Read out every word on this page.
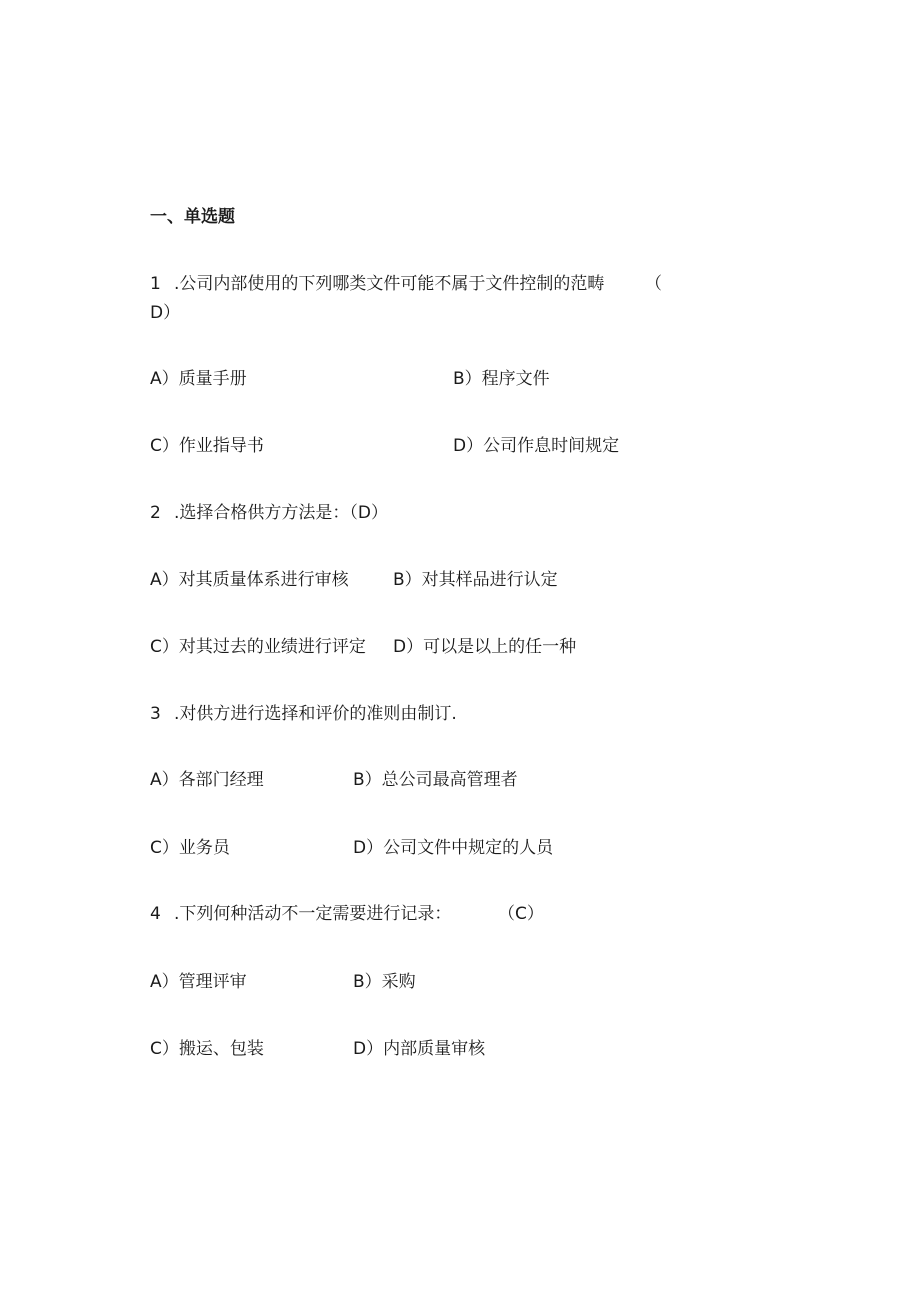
一、单选题
1 .公司内部使用的下列哪类文件可能不属于文件控制的范畴 （
D）
A）质量手册	B）程序文件
C）作业指导书	D）公司作息时间规定
2 .选择合格供方方法是：（D）
A）对其质量体系进行审核	B）对其样品进行认定
C）对其过去的业绩进行评定 D）可以是以上的任一种
3 .对供方进行选择和评价的准则由制订.
A）各部门经理	B）总公司最高管理者
C）业务员	D）公司文件中规定的人员
4 .下列何种活动不一定需要进行记录：	（C）
A）管理评审	B）采购
C）搬运、包装	D）内部质量审核
